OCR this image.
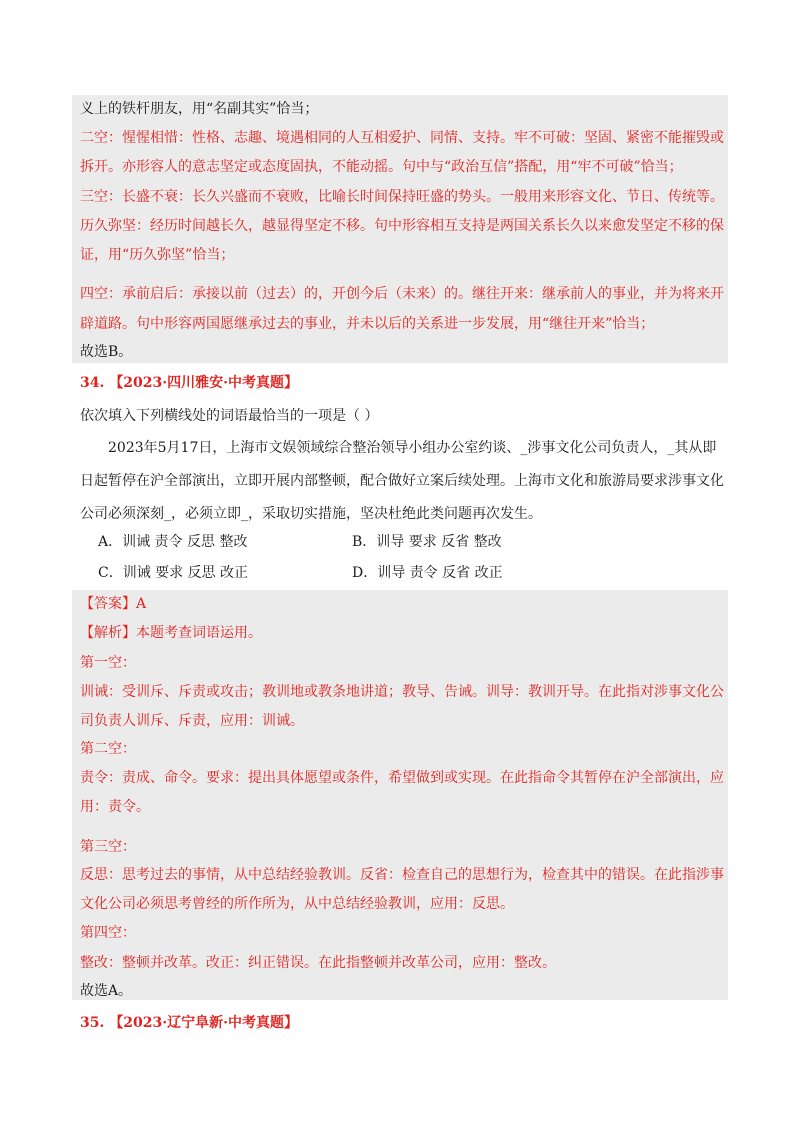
义上的铁杆朋友，用“名副其实”恰当；
二空：惺惺相惜：性格、志趣、境遇相同的人互相爱护、同情、支持。牢不可破：坚固、紧密不能摧毁或
拆开。亦形容人的意志坚定或态度固执，不能动摇。句中与“政治互信”搭配，用“牢不可破”恰当；
三空：长盛不衰：长久兴盛而不衰败，比喻长时间保持旺盛的势头。一般用来形容文化、节日、传统等。
历久弥坚：经历时间越长久，越显得坚定不移。句中形容相互支持是两国关系长久以来愈发坚定不移的保
证，用“历久弥坚”恰当；
四空：承前启后：承接以前（过去）的，开创今后（未来）的。继往开来：继承前人的事业，并为将来开
辟道路。句中形容两国愿继承过去的事业，并未以后的关系进一步发展，用“继往开来”恰当；
故选B。
34. 【2023·四川雅安·中考真题】
依次填入下列横线处的词语最恰当的一项是（ ）
2023年5月17日，上海市文娱领域综合整治领导小组办公室约谈、_涉事文化公司负责人，_其从即
日起暂停在沪全部演出，立即开展内部整顿，配合做好立案后续处理。上海市文化和旅游局要求涉事文化
公司必须深刻_，必须立即_，采取切实措施，坚决杜绝此类问题再次发生。
A．训诫 责令 反思 整改	B．训导 要求 反省 整改
C．训诫 要求 反思 改正	D．训导 责令 反省 改正
【答案】A
【解析】本题考查词语运用。
第一空：
训诫：受训斥、斥责或攻击；教训地或教条地讲道；教导、告诫。训导：教训开导。在此指对涉事文化公
司负责人训斥、斥责，应用：训诫。
第二空：
责令：责成、命令。要求：提出具体愿望或条件，希望做到或实现。在此指命令其暂停在沪全部演出，应
用：责令。
第三空：
反思：思考过去的事情，从中总结经验教训。反省：检查自己的思想行为，检查其中的错误。在此指涉事
文化公司必须思考曾经的所作所为，从中总结经验教训，应用：反思。
第四空：
整改：整顿并改革。改正：纠正错误。在此指整顿并改革公司，应用：整改。
故选A。
35. 【2023·辽宁阜新·中考真题】
